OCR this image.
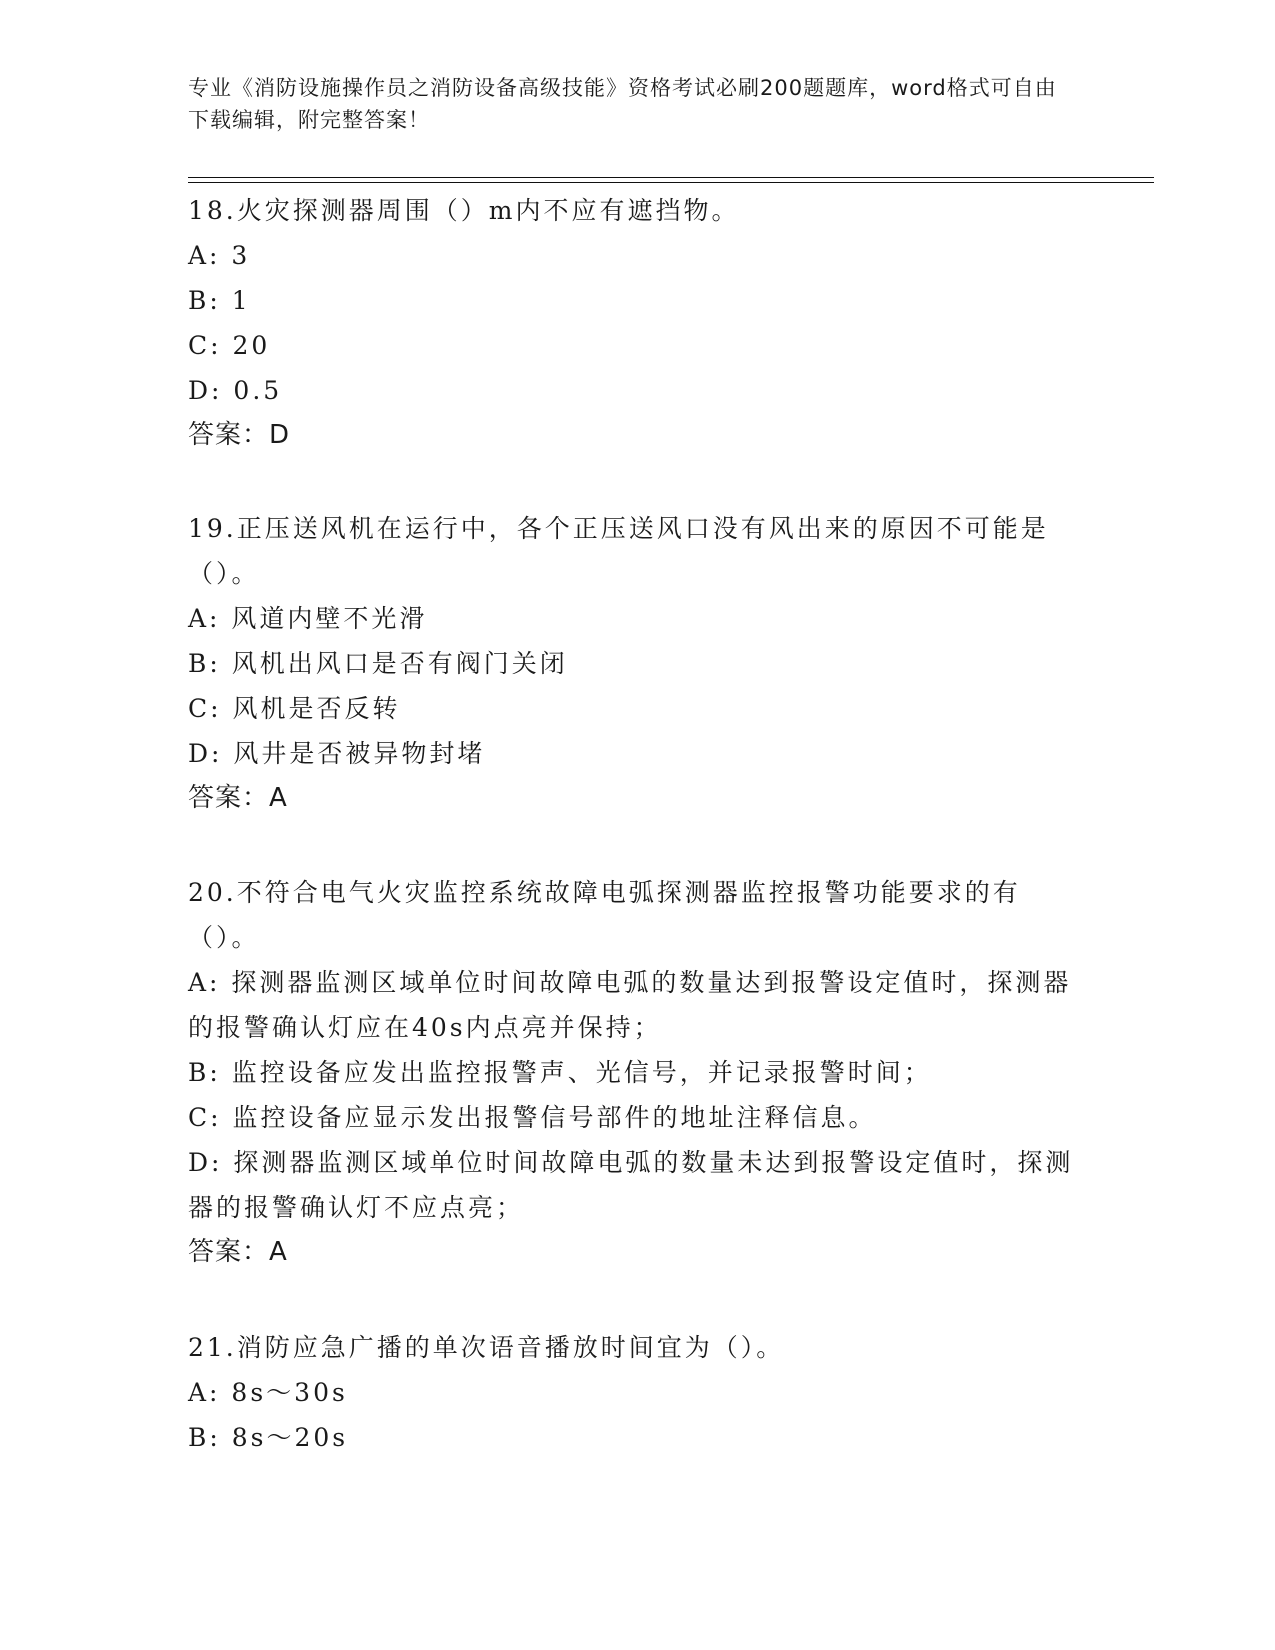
专业《消防设施操作员之消防设备高级技能》资格考试必刷200题题库，word格式可自由下载编辑，附完整答案！

18.火灾探测器周围（）m内不应有遮挡物。

A: 3

B: 1

C: 20

D: 0.5

答案：D

19.正压送风机在运行中，各个正压送风口没有风出来的原因不可能是（）。

A: 风道内壁不光滑

B: 风机出风口是否有阀门关闭

C: 风机是否反转

D: 风井是否被异物封堵

答案：A

20.不符合电气火灾监控系统故障电弧探测器监控报警功能要求的有（）。

A: 探测器监测区域单位时间故障电弧的数量达到报警设定值时，探测器的报警确认灯应在40s内点亮并保持；

B: 监控设备应发出监控报警声、光信号，并记录报警时间；

C: 监控设备应显示发出报警信号部件的地址注释信息。

D: 探测器监测区域单位时间故障电弧的数量未达到报警设定值时，探测器的报警确认灯不应点亮；

答案：A

21.消防应急广播的单次语音播放时间宜为（）。

A: 8s～30s

B: 8s～20s
